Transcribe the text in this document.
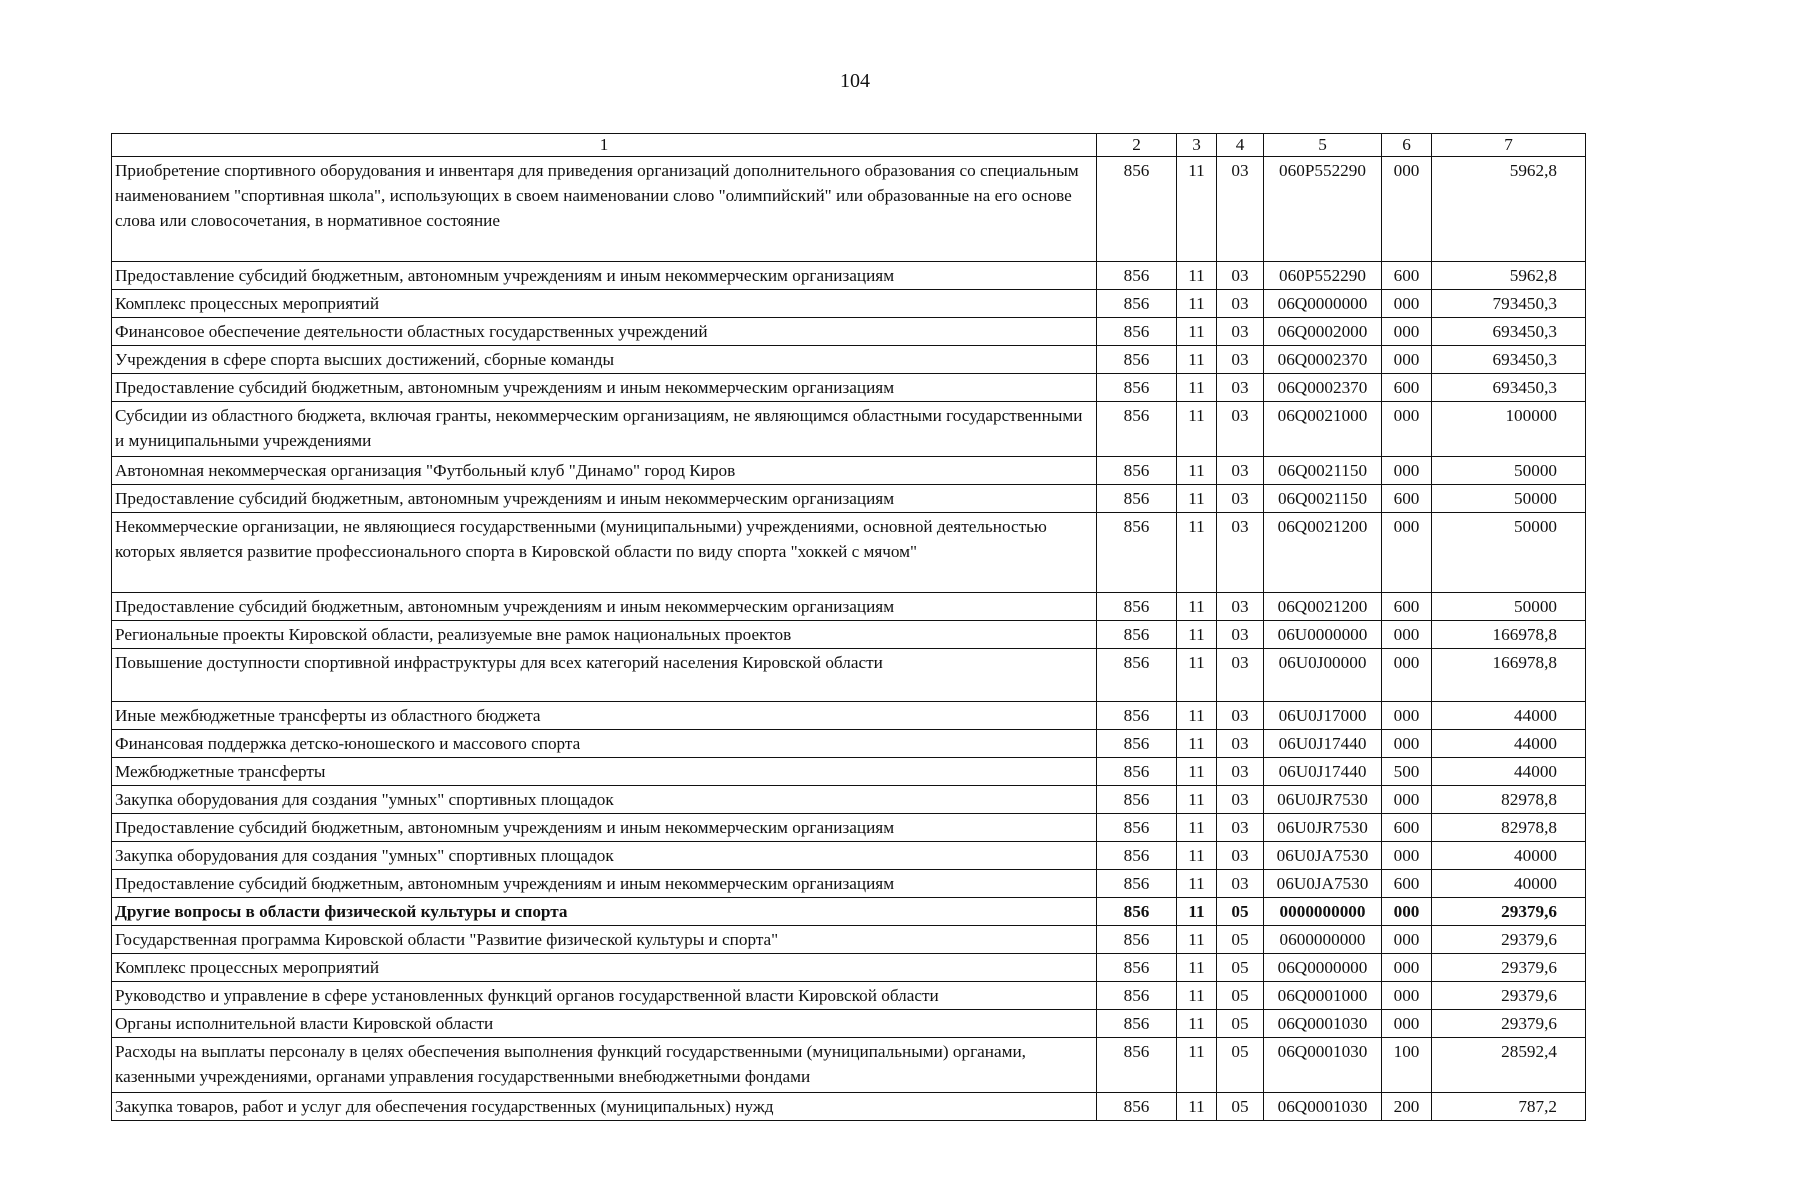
104
1	2	3	4	5	6	7
Приобретение спортивного оборудования и инвентаря для приведения организаций дополнительного образования со специальным наименованием "спортивная школа", использующих в своем наименовании слово "олимпийский" или образованные на его основе слова или словосочетания, в нормативное состояние	856	11	03	060P552290	000	5962,8
Предоставление субсидий бюджетным, автономным учреждениям и иным некоммерческим организациям	856	11	03	060P552290	600	5962,8
Комплекс процессных мероприятий	856	11	03	06Q0000000	000	793450,3
Финансовое обеспечение деятельности областных государственных учреждений	856	11	03	06Q0002000	000	693450,3
Учреждения в сфере спорта высших достижений, сборные команды	856	11	03	06Q0002370	000	693450,3
Предоставление субсидий бюджетным, автономным учреждениям и иным некоммерческим организациям	856	11	03	06Q0002370	600	693450,3
Субсидии из областного бюджета, включая гранты, некоммерческим организациям, не являющимся областными государственными и муниципальными учреждениями	856	11	03	06Q0021000	000	100000
Автономная некоммерческая организация "Футбольный клуб "Динамо" город Киров	856	11	03	06Q0021150	000	50000
Предоставление субсидий бюджетным, автономным учреждениям и иным некоммерческим организациям	856	11	03	06Q0021150	600	50000
Некоммерческие организации, не являющиеся государственными (муниципальными) учреждениями, основной деятельностью которых является развитие профессионального спорта в Кировской области по виду спорта "хоккей с мячом"	856	11	03	06Q0021200	000	50000
Предоставление субсидий бюджетным, автономным учреждениям и иным некоммерческим организациям	856	11	03	06Q0021200	600	50000
Региональные проекты Кировской области, реализуемые вне рамок национальных проектов	856	11	03	06U0000000	000	166978,8
Повышение доступности спортивной инфраструктуры для всех категорий населения Кировской области	856	11	03	06U0J00000	000	166978,8
Иные межбюджетные трансферты из областного бюджета	856	11	03	06U0J17000	000	44000
Финансовая поддержка детско-юношеского и массового спорта	856	11	03	06U0J17440	000	44000
Межбюджетные трансферты	856	11	03	06U0J17440	500	44000
Закупка оборудования для создания "умных" спортивных площадок	856	11	03	06U0JR7530	000	82978,8
Предоставление субсидий бюджетным, автономным учреждениям и иным некоммерческим организациям	856	11	03	06U0JR7530	600	82978,8
Закупка оборудования для создания "умных" спортивных площадок	856	11	03	06U0JA7530	000	40000
Предоставление субсидий бюджетным, автономным учреждениям и иным некоммерческим организациям	856	11	03	06U0JA7530	600	40000
Другие вопросы в области физической культуры и спорта	856	11	05	0000000000	000	29379,6
Государственная программа Кировской области "Развитие физической культуры и спорта"	856	11	05	0600000000	000	29379,6
Комплекс процессных мероприятий	856	11	05	06Q0000000	000	29379,6
Руководство и управление в сфере установленных функций органов государственной власти Кировской области	856	11	05	06Q0001000	000	29379,6
Органы исполнительной власти Кировской области	856	11	05	06Q0001030	000	29379,6
Расходы на выплаты персоналу в целях обеспечения выполнения функций государственными (муниципальными) органами, казенными учреждениями, органами управления государственными внебюджетными фондами	856	11	05	06Q0001030	100	28592,4
Закупка товаров, работ и услуг для обеспечения государственных (муниципальных) нужд	856	11	05	06Q0001030	200	787,2
